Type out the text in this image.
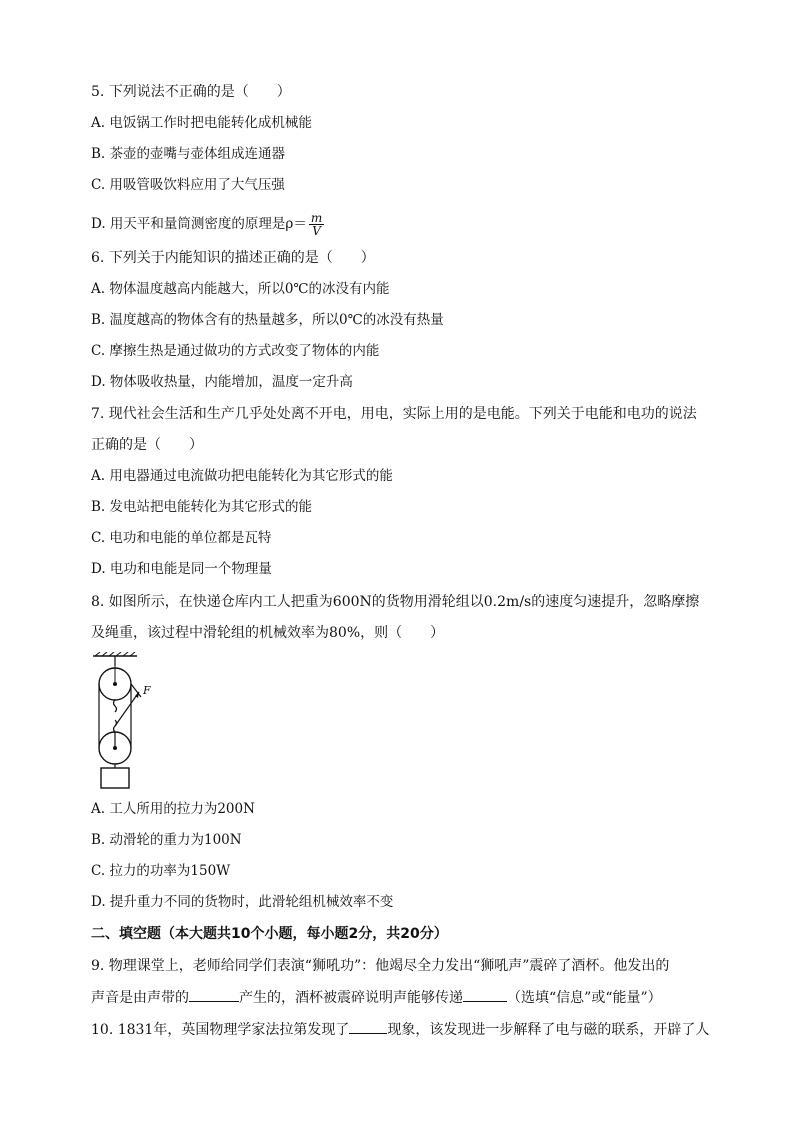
5. 下列说法不正确的是（　　）
A. 电饭锅工作时把电能转化成机械能
B. 茶壶的壶嘴与壶体组成连通器
C. 用吸管吸饮料应用了大气压强
D. 用天平和量筒测密度的原理是$\rho= \frac{m}{V}$
6. 下列关于内能知识的描述正确的是（　　）
A. 物体温度越高内能越大，所以0℃的冰没有内能
B. 温度越高的物体含有的热量越多，所以0℃的冰没有热量
C. 摩擦生热是通过做功的方式改变了物体的内能
D. 物体吸收热量，内能增加，温度一定升高
7. 现代社会生活和生产几乎处处离不开电，用电，实际上用的是电能。下列关于电能和电功的说法
正确的是（　　）
A. 用电器通过电流做功把电能转化为其它形式的能
B. 发电站把电能转化为其它形式的能
C. 电功和电能的单位都是瓦特
D. 电功和电能是同一个物理量
8. 如图所示，在快递仓库内工人把重为600N的货物用滑轮组以0.2m/s的速度匀速提升，忽略摩擦
及绳重，该过程中滑轮组的机械效率为80%，则（　　）
F
A. 工人所用的拉力为200N
B. 动滑轮的重力为100N
C. 拉力的功率为150W
D. 提升重力不同的货物时，此滑轮组机械效率不变
二、填空题（本大题共10个小题，每小题2分，共20分）
9. 物理课堂上，老师给同学们表演“狮吼功”：他竭尽全力发出“狮吼声”震碎了酒杯。他发出的
声音是由声带的	产生的，酒杯被震碎说明声能够传递	（选填“信息”或“能量”）
10. 1831年，英国物理学家法拉第发现了	现象，该发现进一步解释了电与磁的联系，开辟了人
